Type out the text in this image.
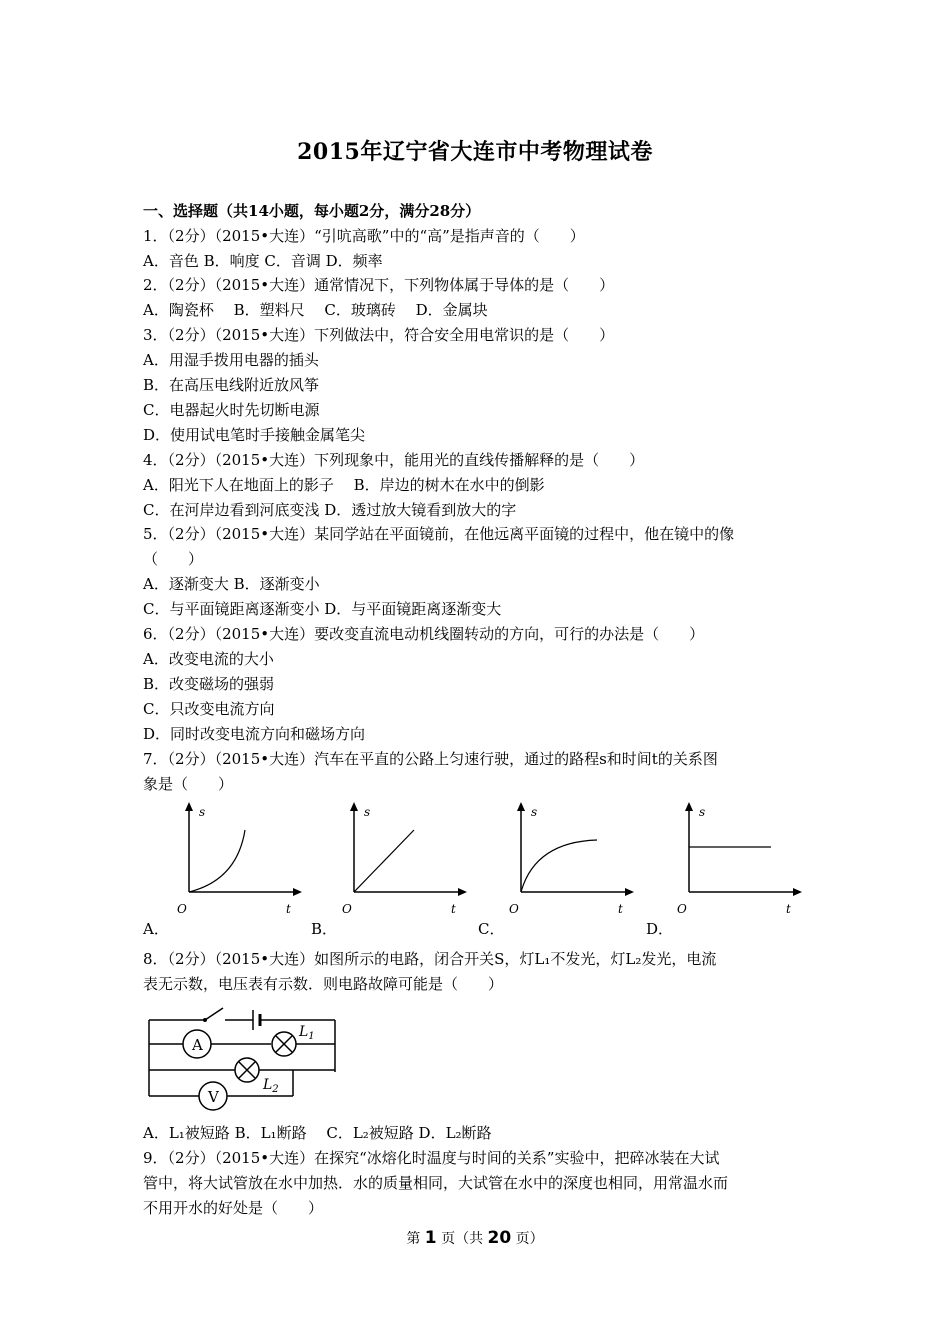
2015年辽宁省大连市中考物理试卷
一、选择题（共14小题，每小题2分，满分28分）
1．（2分）（2015•大连）“引吭高歌”中的“高”是指声音的（　　）
A．音色 B．响度 C．音调 D．频率
2．（2分）（2015•大连）通常情况下，下列物体属于导体的是（　　）
A．陶瓷杯　 B．塑料尺　 C．玻璃砖　 D．金属块
3．（2分）（2015•大连）下列做法中，符合安全用电常识的是（　　）
A．用湿手拨用电器的插头
B．在高压电线附近放风筝
C．电器起火时先切断电源
D．使用试电笔时手接触金属笔尖
4．（2分）（2015•大连）下列现象中，能用光的直线传播解释的是（　　）
A．阳光下人在地面上的影子　 B．岸边的树木在水中的倒影
C．在河岸边看到河底变浅 D．透过放大镜看到放大的字
5．（2分）（2015•大连）某同学站在平面镜前，在他远离平面镜的过程中，他在镜中的像
（　　）
A．逐渐变大 B．逐渐变小
C．与平面镜距离逐渐变小 D．与平面镜距离逐渐变大
6．（2分）（2015•大连）要改变直流电动机线圈转动的方向，可行的办法是（　　）
A．改变电流的大小
B．改变磁场的强弱
C．只改变电流方向
D．同时改变电流方向和磁场方向
7．（2分）（2015•大连）汽车在平直的公路上匀速行驶，通过的路程s和时间t的关系图
象是（　　）
s
t
O
s
t
O
s
t
O
s
t
O
A．	B．	C．	D．
8．（2分）（2015•大连）如图所示的电路，闭合开关S，灯L₁不发光，灯L₂发光，电流
表无示数，电压表有示数．则电路故障可能是（　　）
A
V
$L_1$
$L_2$
A．L₁被短路 B．L₁断路　 C．L₂被短路 D．L₂断路
9．（2分）（2015•大连）在探究“冰熔化时温度与时间的关系”实验中，把碎冰装在大试
管中，将大试管放在水中加热．水的质量相同，大试管在水中的深度也相同，用常温水而
不用开水的好处是（　　）
第 1 页（共 20 页）
